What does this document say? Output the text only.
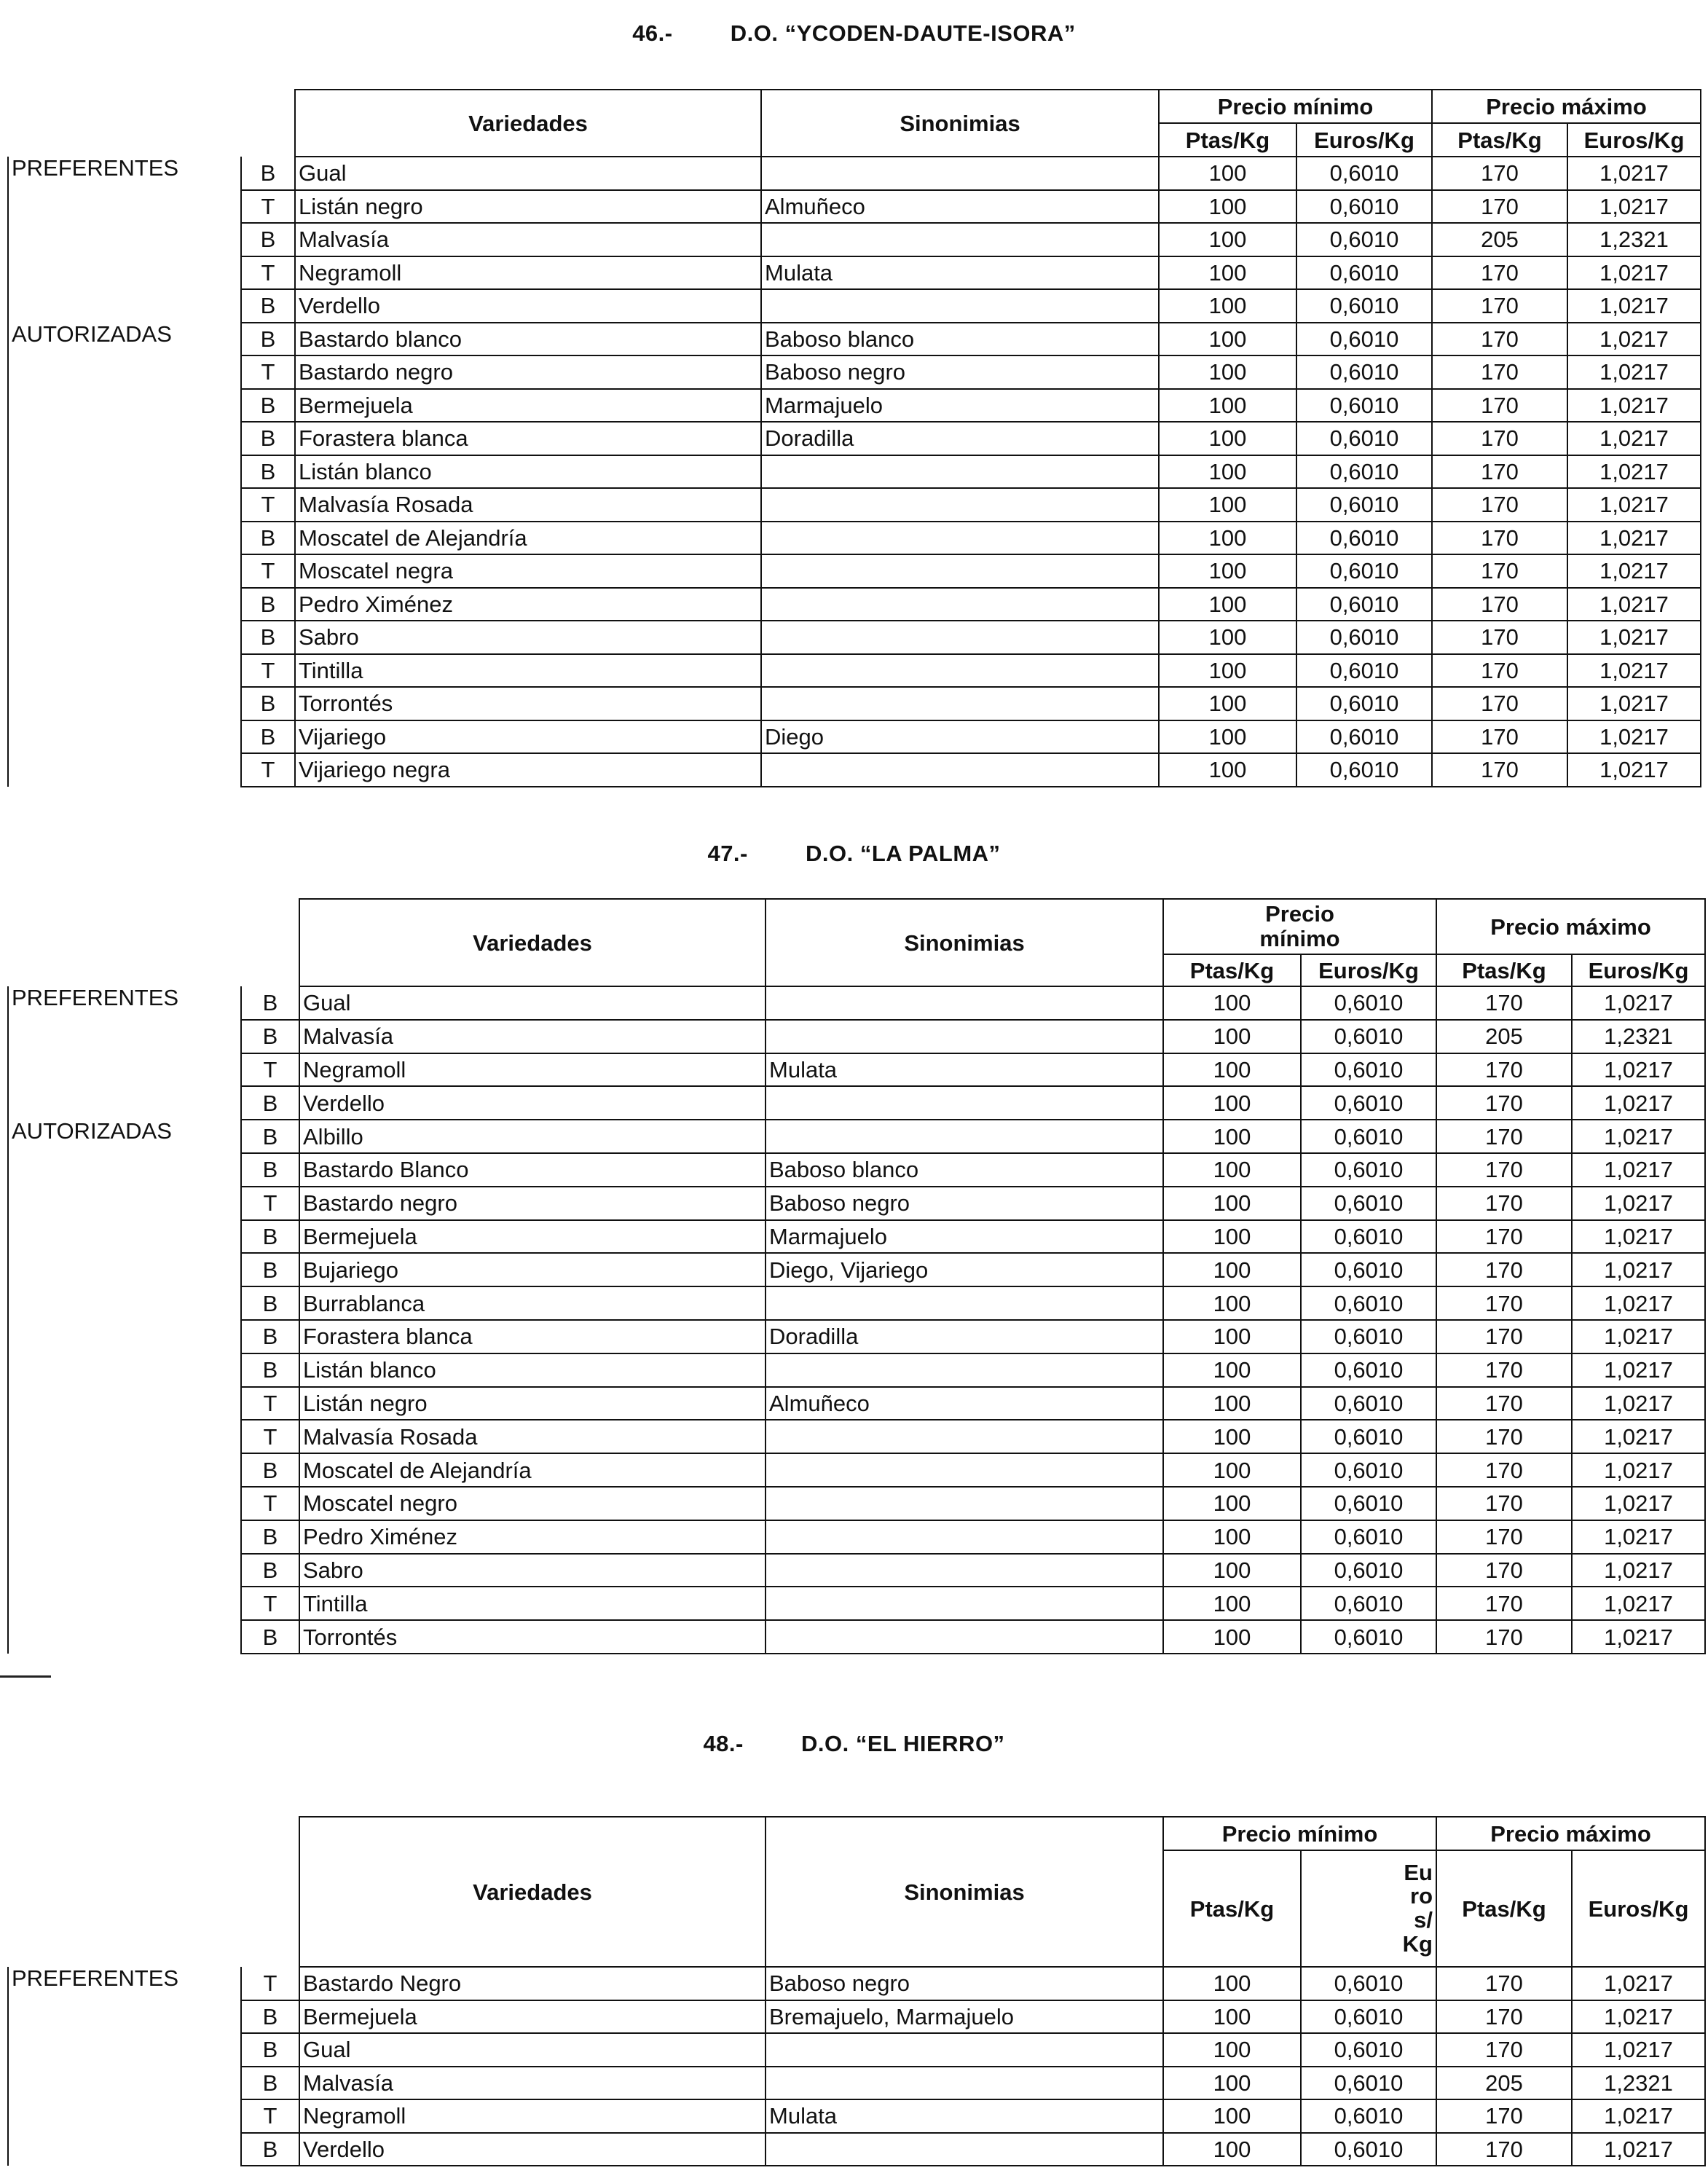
46.-	D.O. “YCODEN-DAUTE-ISORA”
		Variedades	Sinonimias	Precio mínimo		Precio máximo	
				Ptas/Kg	Euros/Kg	Ptas/Kg	Euros/Kg
PREFERENTES	B	Gual		100	0,6010	170	1,0217
	T	Listán negro	Almuñeco	100	0,6010	170	1,0217
	B	Malvasía		100	0,6010	205	1,2321
	T	Negramoll	Mulata	100	0,6010	170	1,0217
	B	Verdello		100	0,6010	170	1,0217
AUTORIZADAS	B	Bastardo blanco	Baboso blanco	100	0,6010	170	1,0217
	T	Bastardo negro	Baboso negro	100	0,6010	170	1,0217
	B	Bermejuela	Marmajuelo	100	0,6010	170	1,0217
	B	Forastera blanca	Doradilla	100	0,6010	170	1,0217
	B	Listán blanco		100	0,6010	170	1,0217
	T	Malvasía Rosada		100	0,6010	170	1,0217
	B	Moscatel de Alejandría		100	0,6010	170	1,0217
	T	Moscatel negra		100	0,6010	170	1,0217
	B	Pedro Ximénez		100	0,6010	170	1,0217
	B	Sabro		100	0,6010	170	1,0217
	T	Tintilla		100	0,6010	170	1,0217
	B	Torrontés		100	0,6010	170	1,0217
	B	Vijariego	Diego	100	0,6010	170	1,0217
	T	Vijariego negra		100	0,6010	170	1,0217
47.-	D.O. “LA PALMA”
		Variedades	Sinonimias	Precio
mínimo		Precio máximo	
				Ptas/Kg	Euros/Kg	Ptas/Kg	Euros/Kg
PREFERENTES	B	Gual		100	0,6010	170	1,0217
	B	Malvasía		100	0,6010	205	1,2321
	T	Negramoll	Mulata	100	0,6010	170	1,0217
	B	Verdello		100	0,6010	170	1,0217
AUTORIZADAS	B	Albillo		100	0,6010	170	1,0217
	B	Bastardo Blanco	Baboso blanco	100	0,6010	170	1,0217
	T	Bastardo negro	Baboso negro	100	0,6010	170	1,0217
	B	Bermejuela	Marmajuelo	100	0,6010	170	1,0217
	B	Bujariego	Diego, Vijariego	100	0,6010	170	1,0217
	B	Burrablanca		100	0,6010	170	1,0217
	B	Forastera blanca	Doradilla	100	0,6010	170	1,0217
	B	Listán blanco		100	0,6010	170	1,0217
	T	Listán negro	Almuñeco	100	0,6010	170	1,0217
	T	Malvasía Rosada		100	0,6010	170	1,0217
	B	Moscatel de Alejandría		100	0,6010	170	1,0217
	T	Moscatel negro		100	0,6010	170	1,0217
	B	Pedro Ximénez		100	0,6010	170	1,0217
	B	Sabro		100	0,6010	170	1,0217
	T	Tintilla		100	0,6010	170	1,0217
	B	Torrontés		100	0,6010	170	1,0217
48.-	D.O. “EL HIERRO”
		Variedades	Sinonimias	Precio mínimo		Precio máximo	
				Ptas/Kg	Eu
ro
s/
Kg	Ptas/Kg	Euros/Kg
PREFERENTES	T	Bastardo Negro	Baboso negro	100	0,6010	170	1,0217
	B	Bermejuela	Bremajuelo, Marmajuelo	100	0,6010	170	1,0217
	B	Gual		100	0,6010	170	1,0217
	B	Malvasía		100	0,6010	205	1,2321
	T	Negramoll	Mulata	100	0,6010	170	1,0217
	B	Verdello		100	0,6010	170	1,0217
